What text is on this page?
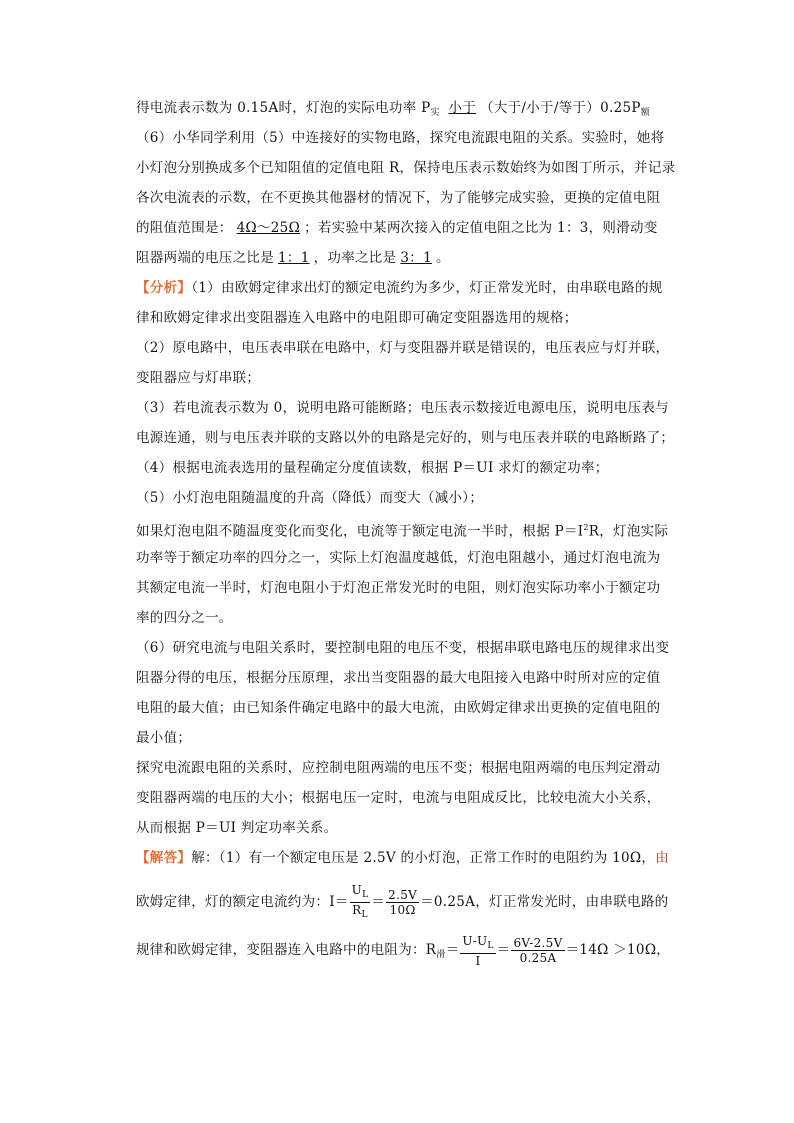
得电流表示数为 0.15A时，灯泡的实际电功率 $P_实$ 小于 （大于/小于/等于）$0.25P_额$
（6）小华同学利用（5）中连接好的实物电路，探究电流跟电阻的关系。实验时，她将
小灯泡分别换成多个已知阻值的定值电阻 R，保持电压表示数始终为如图丁所示，并记录
各次电流表的示数，在不更换其他器材的情况下，为了能够完成实验，更换的定值电阻
的阻值范围是： 4Ω～25Ω ；若实验中某两次接入的定值电阻之比为 1：3，则滑动变
阻器两端的电压之比是 1：1 ，功率之比是 3：1 。
【分析】（1）由欧姆定律求出灯的额定电流约为多少，灯正常发光时，由串联电路的规
律和欧姆定律求出变阻器连入电路中的电阻即可确定变阻器选用的规格；
（2）原电路中，电压表串联在电路中，灯与变阻器并联是错误的，电压表应与灯并联，
变阻器应与灯串联；
（3）若电流表示数为 0，说明电路可能断路；电压表示数接近电源电压，说明电压表与
电源连通，则与电压表并联的支路以外的电路是完好的，则与电压表并联的电路断路了；
（4）根据电流表选用的量程确定分度值读数，根据 P＝UI 求灯的额定功率；
（5）小灯泡电阻随温度的升高（降低）而变大（减小）；
如果灯泡电阻不随温度变化而变化，电流等于额定电流一半时，根据 $P=I^2R$，灯泡实际
功率等于额定功率的四分之一，实际上灯泡温度越低，灯泡电阻越小，通过灯泡电流为
其额定电流一半时，灯泡电阻小于灯泡正常发光时的电阻，则灯泡实际功率小于额定功
率的四分之一。
（6）研究电流与电阻关系时，要控制电阻的电压不变，根据串联电路电压的规律求出变
阻器分得的电压，根据分压原理，求出当变阻器的最大电阻接入电路中时所对应的定值
电阻的最大值；由已知条件确定电路中的最大电流，由欧姆定律求出更换的定值电阻的
最小值；
探究电流跟电阻的关系时，应控制电阻两端的电压不变；根据电阻两端的电压判定滑动
变阻器两端的电压的大小；根据电压一定时，电流与电阻成反比，比较电流大小关系，
从而根据 P＝UI 判定功率关系。
【解答】解：（1）有一个额定电压是 2.5V 的小灯泡，正常工作时的电阻约为 10Ω，由
欧姆定律，灯的额定电流约为：$I= \frac{U_L}{R_L} = \frac{2.5V}{10\Omega} =0.25A$，灯正常发光时，由串联电路的
规律和欧姆定律，变阻器连入电路中的电阻为：$R_滑= \frac{U-U_L}{I} = \frac{6V-2.5V}{0.25A} =14\Omega >10\Omega$，
